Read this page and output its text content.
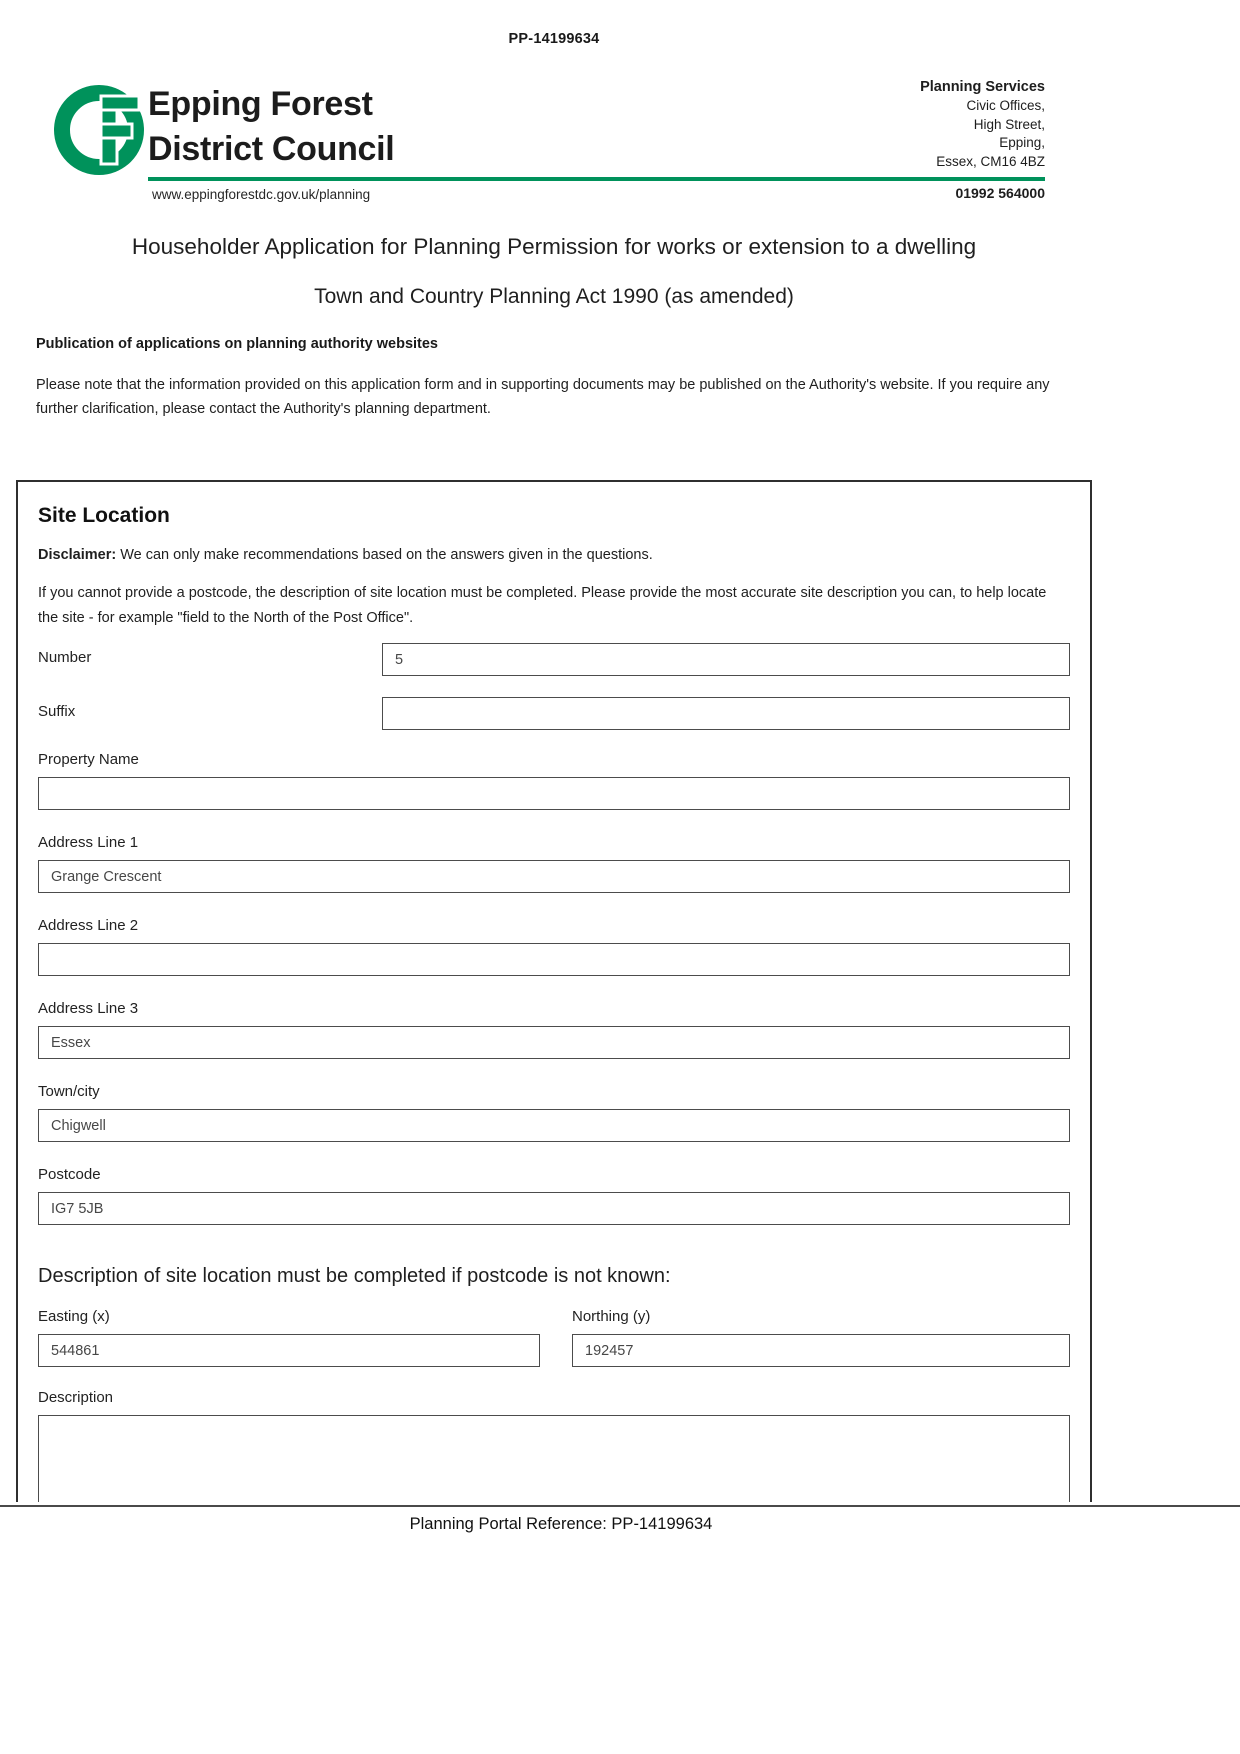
PP-14199634
Epping Forest
District Council
www.eppingforestdc.gov.uk/planning
Planning Services
Civic Offices,
High Street,
Epping,
Essex, CM16 4BZ
01992 564000
Householder Application for Planning Permission for works or extension to a dwelling
Town and Country Planning Act 1990 (as amended)
Publication of applications on planning authority websites

Please note that the information provided on this application form and in supporting documents may be published on the Authority's website. If you require any further clarification, please contact the Authority's planning department.

Site Location

Disclaimer: We can only make recommendations based on the answers given in the questions.

If you cannot provide a postcode, the description of site location must be completed. Please provide the most accurate site description you can, to help locate the site - for example "field to the North of the Post Office".

Number
5
Suffix
Property Name
Address Line 1
Grange Crescent
Address Line 2
Address Line 3
Essex
Town/city
Chigwell
Postcode
IG7 5JB
Description of site location must be completed if postcode is not known:
Easting (x)
544861	Northing (y)
192457
Description
Planning Portal Reference: PP-14199634
